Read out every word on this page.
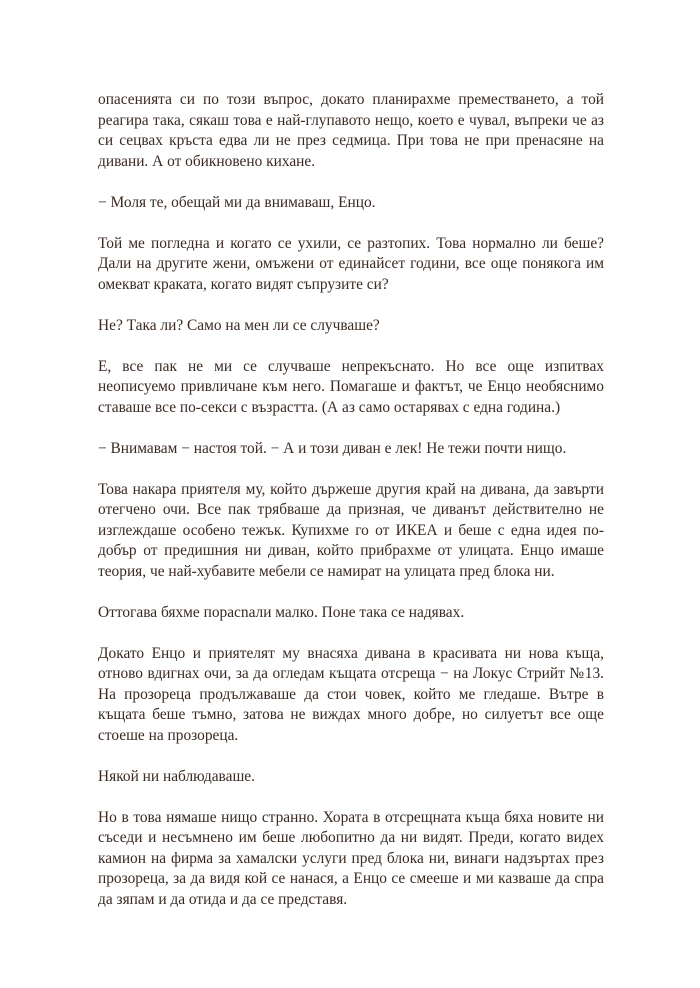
опасенията си по този въпрос, докато планирахме преместването, а той реагира така, сякаш това е най-глупавото нещо, което е чувал, въпреки че аз си сецвах кръста едва ли не през седмица. При това не при пренасяне на дивани. А от обикновено кихане.

− Моля те, обещай ми да внимаваш, Енцо.

Той ме погледна и когато се ухили, се разтопих. Това нормално ли беше? Дали на другите жени, омъжени от единайсет години, все още понякога им омекват краката, когато видят съпрузите си?

Не? Така ли? Само на мен ли се случваше?

Е, все пак не ми се случваше непрекъснато. Но все още изпитвах неописуемо привличане към него. Помагаше и фактът, че Енцо необяснимо ставаше все по-секси с възрастта. (А аз само остарявах с една година.)

− Внимавам − настоя той. − А и този диван е лек! Не тежи почти нищо.

Това накара приятеля му, който държеше другия край на дивана, да завърти отегчено очи. Все пак трябваше да призная, че диванът действително не изглеждаше особено тежък. Купихме го от ИКЕА и беше с една идея по-добър от предишния ни диван, който прибрахме от улицата. Енцо имаше теория, че най-хубавите мебели се намират на улицата пред блока ни.

Оттогава бяхме порасnали малко. Поне така се надявах.

Докато Енцо и приятелят му внасяха дивана в красивата ни нова къща, отново вдигнах очи, за да огледам къщата отсреща − на Локус Стрийт №13. На прозореца продължаваше да стои човек, който ме гледаше. Вътре в къщата беше тъмно, затова не виждах много добре, но силуетът все още стоеше на прозореца.

Някой ни наблюдаваше.

Но в това нямаше нищо странно. Хората в отсрещната къща бяха новите ни съседи и несъмнено им беше любопитно да ни видят. Преди, когато видех камион на фирма за хамалски услуги пред блока ни, винаги надзъртах през прозореца, за да видя кой се нанася, а Енцо се смееше и ми казваше да спра да зяпам и да отида и да се представя.
